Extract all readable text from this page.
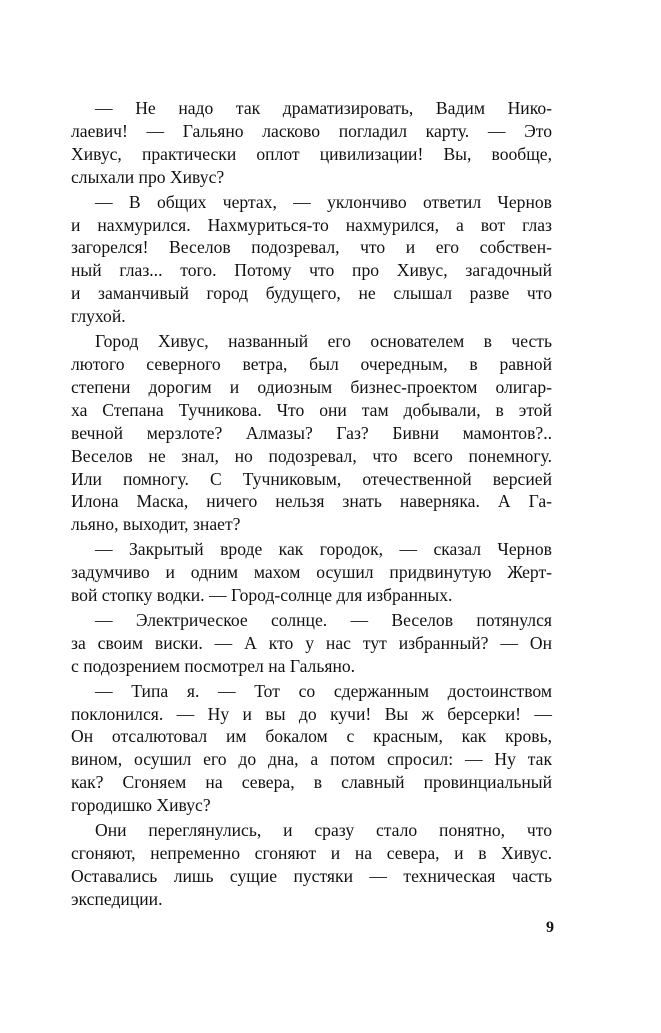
— Не надо так драматизировать, Вадим Нико-
лаевич! — Гальяно ласково погладил карту. — Это
Хивус, практически оплот цивилизации! Вы, вообще,
слыхали про Хивус?
— В общих чертах, — уклончиво ответил Чернов
и нахмурился. Нахмуриться-то нахмурился, а вот глаз
загорелся! Веселов подозревал, что и его собствен-
ный глаз... того. Потому что про Хивус, загадочный
и заманчивый город будущего, не слышал разве что
глухой.
Город Хивус, названный его основателем в честь
лютого северного ветра, был очередным, в равной
степени дорогим и одиозным бизнес-проектом олигар-
ха Степана Тучникова. Что они там добывали, в этой
вечной мерзлоте? Алмазы? Газ? Бивни мамонтов?..
Веселов не знал, но подозревал, что всего понемногу.
Или помногу. С Тучниковым, отечественной версией
Илона Маска, ничего нельзя знать наверняка. А Га-
льяно, выходит, знает?
— Закрытый вроде как городок, — сказал Чернов
задумчиво и одним махом осушил придвинутую Жерт-
вой стопку водки. — Город-солнце для избранных.
— Электрическое солнце. — Веселов потянулся
за своим виски. — А кто у нас тут избранный? — Он
с подозрением посмотрел на Гальяно.
— Типа я. — Тот со сдержанным достоинством
поклонился. — Ну и вы до кучи! Вы ж берсерки! —
Он отсалютовал им бокалом с красным, как кровь,
вином, осушил его до дна, а потом спросил: — Ну так
как? Сгоняем на севера, в славный провинциальный
городишко Хивус?
Они переглянулись, и сразу стало понятно, что
сгоняют, непременно сгоняют и на севера, и в Хивус.
Оставались лишь сущие пустяки — техническая часть
экспедиции.
9
